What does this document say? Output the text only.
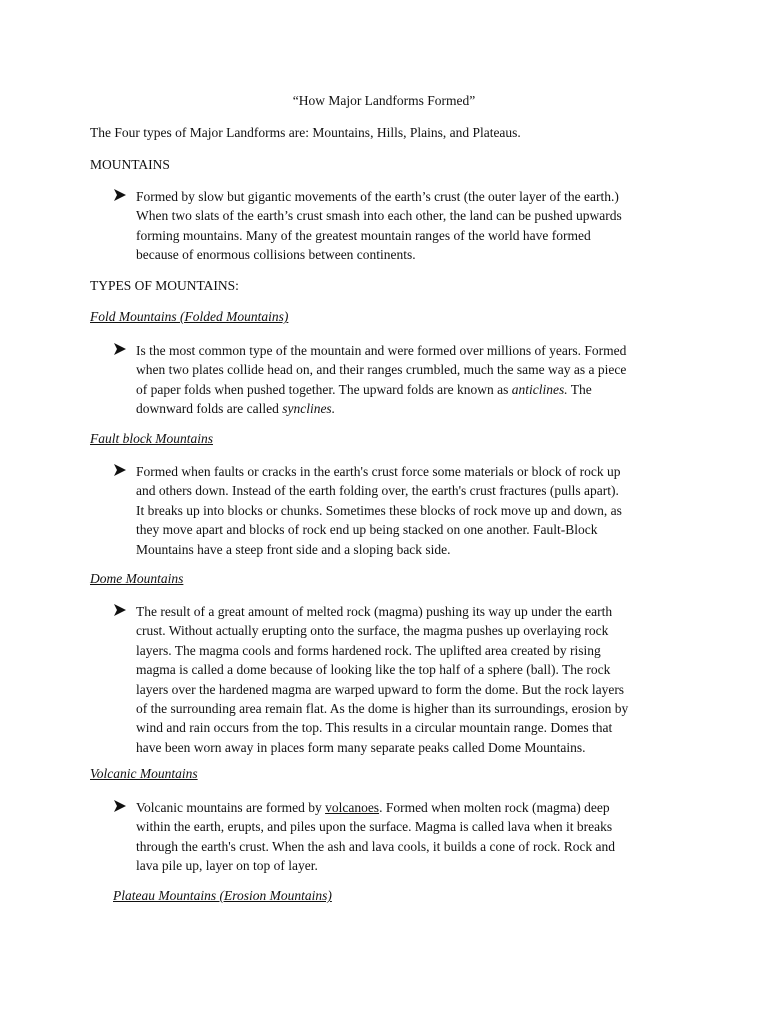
“How Major Landforms Formed”
The Four types of Major Landforms are: Mountains, Hills, Plains, and Plateaus.
MOUNTAINS

Formed by slow but gigantic movements of the earth’s crust (the outer layer of the earth.)

When two slats of the earth’s crust smash into each other, the land can be pushed upwards

forming mountains. Many of the greatest mountain ranges of the world have formed

because of enormous collisions between continents.

TYPES OF MOUNTAINS:
Fold Mountains (Folded Mountains)

Is the most common type of the mountain and were formed over millions of years. Formed

when two plates collide head on, and their ranges crumbled, much the same way as a piece

of paper folds when pushed together. The upward folds are known as anticlines. The

downward folds are called synclines.

Fault block Mountains

Formed when faults or cracks in the earth's crust force some materials or block of rock up

and others down. Instead of the earth folding over, the earth's crust fractures (pulls apart).

It breaks up into blocks or chunks. Sometimes these blocks of rock move up and down, as

they move apart and blocks of rock end up being stacked on one another. Fault-Block

Mountains have a steep front side and a sloping back side.

Dome Mountains

The result of a great amount of melted rock (magma) pushing its way up under the earth

crust. Without actually erupting onto the surface, the magma pushes up overlaying rock

layers. The magma cools and forms hardened rock. The uplifted area created by rising

magma is called a dome because of looking like the top half of a sphere (ball). The rock

layers over the hardened magma are warped upward to form the dome. But the rock layers

of the surrounding area remain flat. As the dome is higher than its surroundings, erosion by

wind and rain occurs from the top. This results in a circular mountain range. Domes that

have been worn away in places form many separate peaks called Dome Mountains.

Volcanic Mountains

Volcanic mountains are formed by volcanoes. Formed when molten rock (magma) deep

within the earth, erupts, and piles upon the surface. Magma is called lava when it breaks

through the earth's crust. When the ash and lava cools, it builds a cone of rock. Rock and

lava pile up, layer on top of layer.

Plateau Mountains (Erosion Mountains)
